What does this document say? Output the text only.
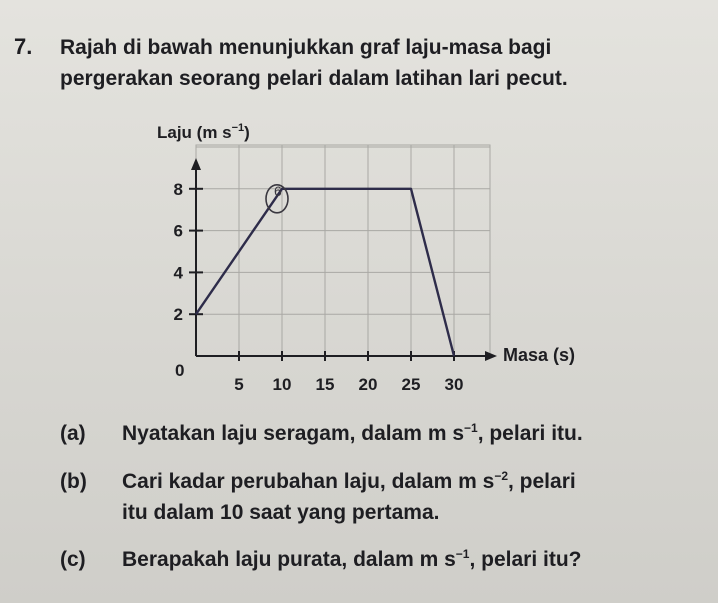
7. Rajah di bawah menunjukkan graf laju-masa bagi
pergerakan seorang pelari dalam latihan lari pecut.
5 10 15 20 25 30
2
4
6
8	6
Laju (m $s^{-1}$)
Masa (s)
0
(a) Nyatakan laju seragam, dalam m $s^{-1}$, pelari itu.
(b) Cari kadar perubahan laju, dalam m $s^{-2}$, pelari
itu dalam 10 saat yang pertama.
(c) Berapakah laju purata, dalam m $s^{-1}$, pelari itu?
